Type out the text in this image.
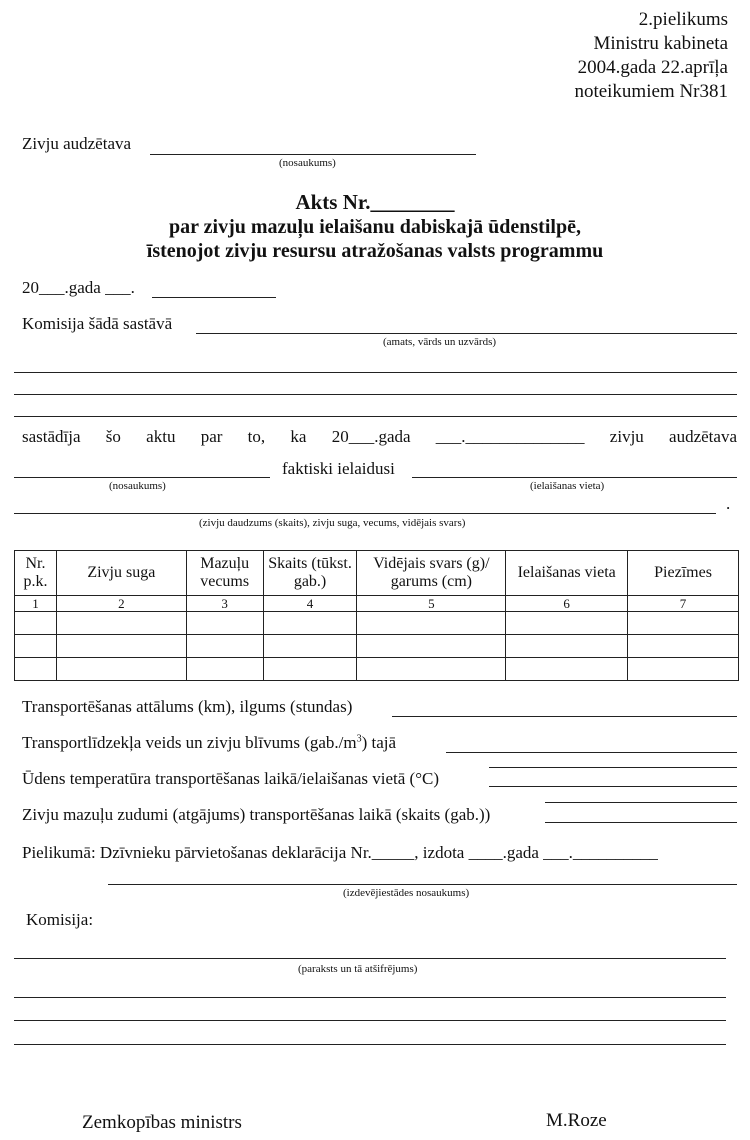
2.pielikums
Ministru kabineta
2004.gada 22.aprīļa
noteikumiem Nr381
Zivju audzētava
(nosaukums)
Akts Nr.________
par zivju mazuļu ielaišanu dabiskajā ūdenstilpē,
īstenojot zivju resursu atražošanas valsts programmu
20___.gada ___.
Komisija šādā sastāvā
(amats, vārds un uzvārds)
sastādīja šo aktu par to, ka 20___.gada ___.______________ zivju audzētava
faktiski ielaidusi
(nosaukums)	(ielaišanas vieta)
.
(zivju daudzums (skaits), zivju suga, vecums, vidējais svars)
Nr. p.k.	Zivju suga	Mazuļu vecums	Skaits (tūkst. gab.)	Vidējais svars (g)/ garums (cm)	Ielaišanas vieta	Piezīmes
1	2	3	4	5	6	7

Transportēšanas attālums (km), ilgums (stundas)
Transportlīdzekļa veids un zivju blīvums $(gab./m^3)$ tajā
Ūdens temperatūra transportēšanas laikā/ielaišanas vietā (°C)
Zivju mazuļu zudumi (atgājums) transportēšanas laikā (skaits (gab.))
Pielikumā: Dzīvnieku pārvietošanas deklarācija Nr._____, izdota ____.gada ___.__________
(izdevējiestādes nosaukums)
Komisija:
(paraksts un tā atšifrējums)
Zemkopības ministrs	M.Roze
